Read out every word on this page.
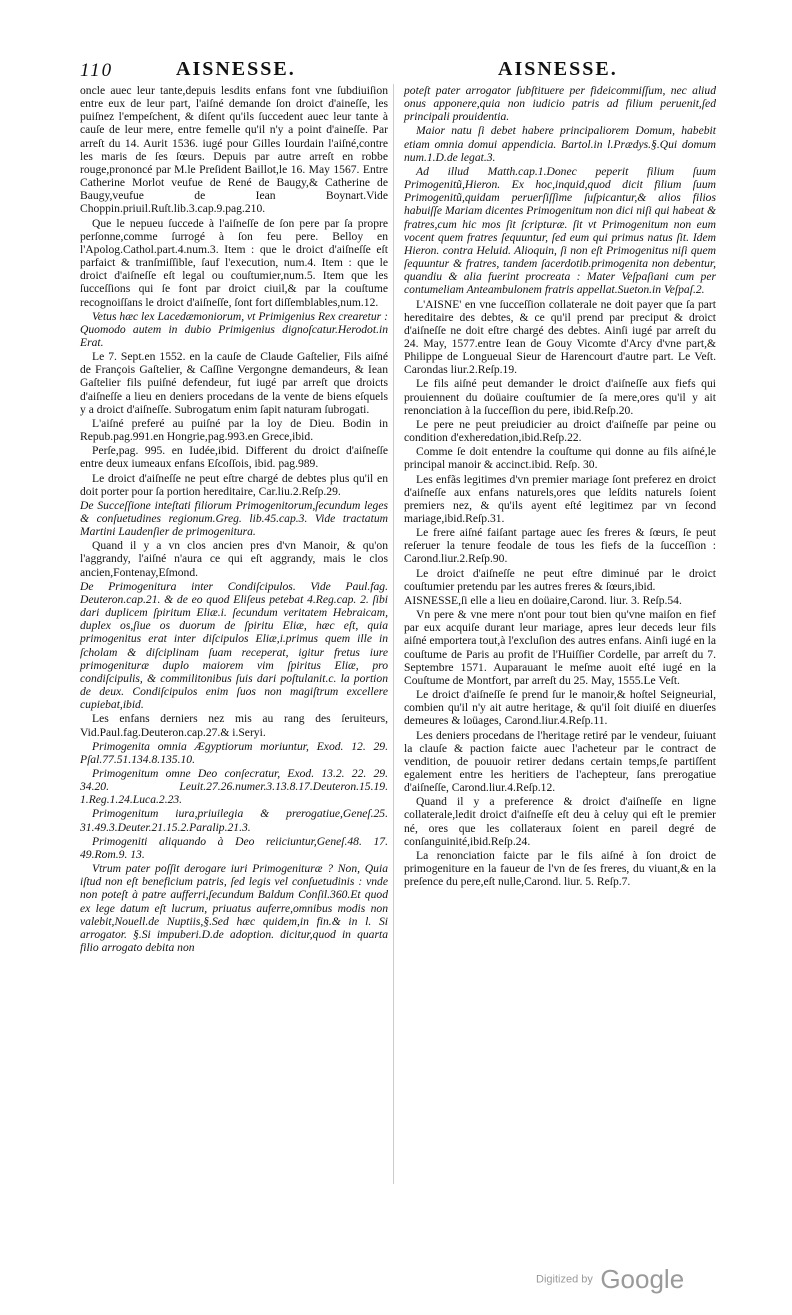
110	AISNESSE.	AISNESSE.

oncle auec leur tante,depuis lesdits enfans font vne ſubdiuiſion entre eux de leur part, l'aiſné demande ſon droict d'aineſſe, les puiſnez l'empeſchent, & diſent qu'ils ſuccedent auec leur tante à cauſe de leur mere, entre femelle qu'il n'y a point d'aineſſe. Par arreſt du 14. Aurit 1536. iugé pour Gilles Iourdain l'aiſné,contre les maris de ſes ſœurs. Depuis par autre arreſt en robbe rouge,prononcé par M.le Preſident Baillot,le 16. May 1567. Entre Catherine Morlot veufue de René de Baugy,& Catherine de Baugy,veufue de Iean Boynart.Vide Choppin.priuil.Ruſt.lib.3.cap.9.pag.210.

Que le nepueu ſuccede à l'aiſneſſe de ſon pere par ſa propre perſonne,comme ſurrogé à ſon feu pere. Belloy en l'Apolog.Cathol.part.4.num.3. Item : que le droict d'aiſneſſe eſt parfaict & tranſmiſſible, ſauf l'execution, num.4. Item : que le droict d'aiſneſſe eſt legal ou couſtumier,num.5. Item que les ſucceſſions qui ſe font par droict ciuil,& par la couſtume recognoiſſans le droict d'aiſneſſe, ſont fort diſſemblables,num.12.

Vetus hæc lex Lacedæmoniorum, vt Primigenius Rex crearetur : Quomodo autem in dubio Primigenius dignoſcatur.Herodot.in Erat.

Le 7. Sept.en 1552. en la cauſe de Claude Gaſtelier, Fils aiſné de François Gaſtelier, & Caſſine Vergongne demandeurs, & Iean Gaſtelier fils puiſné defendeur, fut iugé par arreſt que droicts d'aiſneſſe a lieu en deniers procedans de la vente de biens eſquels y a droict d'aiſneſſe. Subrogatum enim ſapit naturam ſubrogati.

L'aiſné preferé au puiſné par la loy de Dieu. Bodin in Repub.pag.991.en Hongrie,pag.993.en Grece,ibid.

Perſe,pag. 995. en Iudée,ibid. Different du droict d'aiſneſſe entre deux iumeaux enfans Eſcoſſois, ibid. pag.989.

Le droict d'aiſneſſe ne peut eſtre chargé de debtes plus qu'il en doit porter pour ſa portion hereditaire, Car.liu.2.Reſp.29.

De Succeſſione inteſtati filiorum Primogenitorum,ſecundum leges & conſuetudines regionum.Greg. lib.45.cap.3. Vide tractatum Martini Laudenſier de primogenitura.

Quand il y a vn clos ancien pres d'vn Manoir, & qu'on l'aggrandy, l'aiſné n'aura ce qui eſt aggrandy, mais le clos ancien,Fontenay,Eſmond.

De Primogenitura inter Condiſcipulos. Vide Paul.fag. Deuteron.cap.21. & de eo quod Eliſeus petebat 4.Reg.cap. 2. ſibi dari duplicem ſpiritum Eliæ.i. ſecundum veritatem Hebraicam, duplex os,ſiue os duorum de ſpiritu Eliæ, hæc eſt, quia primogenitus erat inter diſcipulos Eliæ,i.primus quem ille in ſcholam & diſciplinam ſuam receperat, igitur fretus iure primogenituræ duplo maiorem vim ſpiritus Eliæ, pro condiſcipulis, & commilitonibus ſuis dari poſtulanit.c. la portion de deux. Condiſcipulos enim ſuos non magiſtrum excellere cupiebat,ibid.

Les enfans derniers nez mis au rang des ſeruiteurs, Vid.Paul.fag.Deuteron.cap.27.& i.Seryi.

Primogenita omnia Ægyptiorum moriuntur, Exod. 12. 29. Pſal.77.51.134.8.135.10.

Primogenitum omne Deo conſecratur, Exod. 13.2. 22. 29. 34.20. Leuit.27.26.numer.3.13.8.17.Deuteron.15.19. 1.Reg.1.24.Luca.2.23.

Primogenitum iura,priuilegia & prerogatiue,Geneſ.25. 31.49.3.Deuter.21.15.2.Paralip.21.3.

Primogeniti aliquando à Deo reiiciuntur,Geneſ.48. 17. 49.Rom.9. 13.

Vtrum pater poſſit derogare iuri Primogenituræ ? Non, Quia iſtud non eſt beneficium patris, ſed legis vel conſuetudinis : vnde non poteſt à patre aufferri,ſecundum Baldum Conſil.360.Et quod ex lege datum eſt lucrum, priuatus auferre,omnibus modis non valebit,Nouell.de Nuptiis,§.Sed hæc quidem,in fin.& in l. Si arrogator. §.Si impuberi.D.de adoption. dicitur,quod in quarta filio arrogato debita non

poteſt pater arrogator ſubſtituere per fideicommiſſum, nec aliud onus apponere,quia non iudicio patris ad filium peruenit,ſed principali prouidentia.

Maior natu ſi debet habere principaliorem Domum, habebit etiam omnia domui appendicia. Bartol.in l.Prædys.§.Qui domum num.1.D.de legat.3.

Ad illud Matth.cap.1.Donec peperit filium ſuum Primogenitũ,Hieron. Ex hoc,inquid,quod dicit filium ſuum Primogenitũ,quidam peruerſiſſime ſuſpicantur,& alios filios habuiſſe Mariam dicentes Primogenitum non dici niſi qui habeat & fratres,cum hic mos ſit ſcripturæ. ſit vt Primogenitum non eum vocent quem fratres ſequuntur, ſed eum qui primus natus ſit. Idem Hieron. contra Heluid. Alioquin, ſi non eſt Primogenitus niſi quem ſequuntur & fratres, tandem ſacerdotib.primogenita non debentur, quandiu & alia fuerint procreata : Mater Veſpaſiani cum per contumeliam Anteambulonem fratris appellat.Sueton.in Veſpaſ.2.

L'AISNE' en vne ſucceſſion collaterale ne doit payer que ſa part hereditaire des debtes, & ce qu'il prend par preciput & droict d'aiſneſſe ne doit eſtre chargé des debtes. Ainſi iugé par arreſt du 24. May, 1577.entre Iean de Gouy Vicomte d'Arcy d'vne part,& Philippe de Longueual Sieur de Harencourt d'autre part. Le Veſt. Carondas liur.2.Reſp.19.

Le fils aiſné peut demander le droict d'aiſneſſe aux fiefs qui prouiennent du doüaire couſtumier de ſa mere,ores qu'il y ait renonciation à la ſucceſſion du pere, ibid.Reſp.20.

Le pere ne peut preiudicier au droict d'aiſneſſe par peine ou condition d'exheredation,ibid.Reſp.22.

Comme ſe doit entendre la couſtume qui donne au fils aiſné,le principal manoir & accinct.ibid. Reſp. 30.

Les enfãs legitimes d'vn premier mariage ſont preferez en droict d'aiſneſſe aux enfans naturels,ores que leſdits naturels ſoient premiers nez, & qu'ils ayent eſté legitimez par vn ſecond mariage,ibid.Reſp.31.

Le frere aiſné faiſant partage auec ſes freres & ſœurs, ſe peut reſeruer la tenure feodale de tous les fiefs de la ſucceſſion : Carond.liur.2.Reſp.90.

Le droict d'aiſneſſe ne peut eſtre diminué par le droict couſtumier pretendu par les autres freres & ſœurs,ibid.

AISNESSE,ſi elle a lieu en doüaire,Carond. liur. 3. Reſp.54.

Vn pere & vne mere n'ont pour tout bien qu'vne maiſon en fief par eux acquiſe durant leur mariage, apres leur deceds leur fils aiſné emportera tout,à l'excluſion des autres enfans. Ainſi iugé en la couſtume de Paris au profit de l'Huiſſier Cordelle, par arreſt du 7. Septembre 1571. Auparauant le meſme auoit eſté iugé en la Couſtume de Montfort, par arreſt du 25. May, 1555.Le Veſt.

Le droict d'aiſneſſe ſe prend ſur le manoir,& hoſtel Seigneurial, combien qu'il n'y ait autre heritage, & qu'il ſoit diuiſé en diuerſes demeures & loüages, Carond.liur.4.Reſp.11.

Les deniers procedans de l'heritage retiré par le vendeur, ſuiuant la clauſe & paction faicte auec l'acheteur par le contract de vendition, de pouuoir retirer dedans certain temps,ſe partiſſent egalement entre les heritiers de l'achepteur, ſans prerogatiue d'aiſneſſe, Carond.liur.4.Reſp.12.

Quand il y a preference & droict d'aiſneſſe en ligne collaterale,ledit droict d'aiſneſſe eſt deu à celuy qui eſt le premier né, ores que les collateraux ſoient en pareil degré de conſanguinité,ibid.Reſp.24.

La renonciation faicte par le fils aiſné à ſon droict de primogeniture en la faueur de l'vn de ſes freres, du viuant,& en la preſence du pere,eſt nulle,Carond. liur. 5. Reſp.7.

Digitized by Google
